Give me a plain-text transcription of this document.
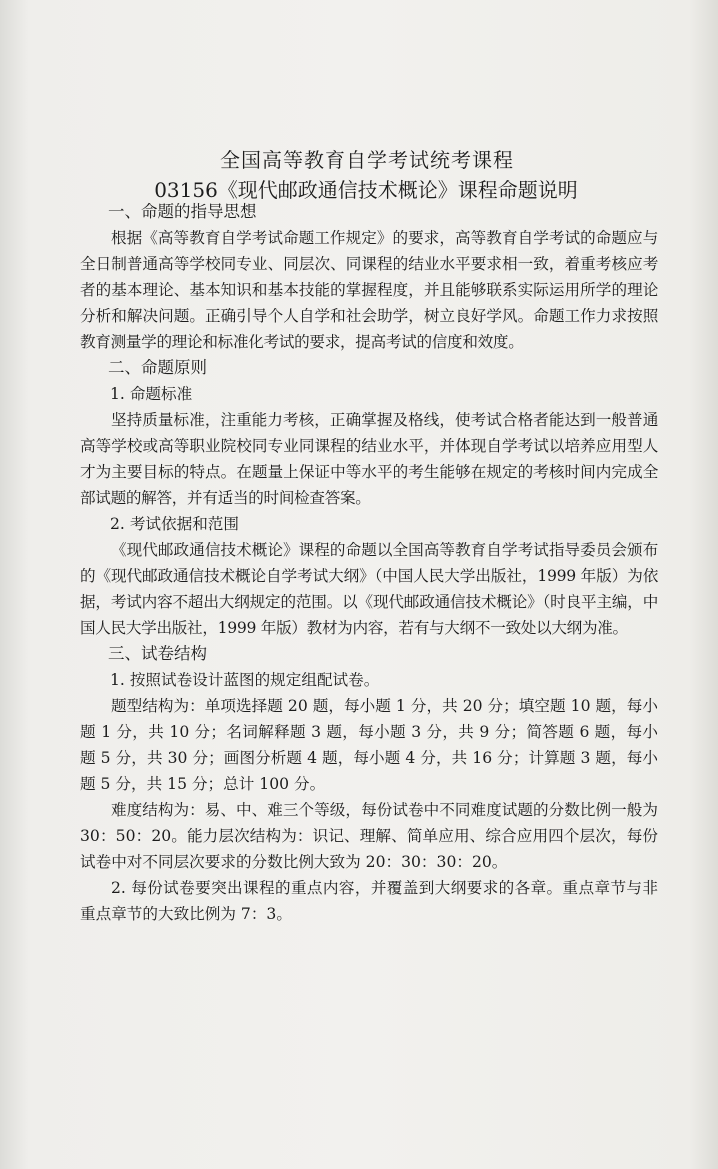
全国高等教育自学考试统考课程
03156《现代邮政通信技术概论》课程命题说明
一、命题的指导思想

根据《高等教育自学考试命题工作规定》的要求，高等教育自学考试的命题应与全日制普通高等学校同专业、同层次、同课程的结业水平要求相一致，着重考核应考者的基本理论、基本知识和基本技能的掌握程度，并且能够联系实际运用所学的理论分析和解决问题。正确引导个人自学和社会助学，树立良好学风。命题工作力求按照教育测量学的理论和标准化考试的要求，提高考试的信度和效度。

二、命题原则
1. 命题标准

坚持质量标准，注重能力考核，正确掌握及格线，使考试合格者能达到一般普通高等学校或高等职业院校同专业同课程的结业水平，并体现自学考试以培养应用型人才为主要目标的特点。在题量上保证中等水平的考生能够在规定的考核时间内完成全部试题的解答，并有适当的时间检查答案。

2. 考试依据和范围

《现代邮政通信技术概论》课程的命题以全国高等教育自学考试指导委员会颁布的《现代邮政通信技术概论自学考试大纲》（中国人民大学出版社，1999 年版）为依据，考试内容不超出大纲规定的范围。以《现代邮政通信技术概论》（时良平主编，中国人民大学出版社，1999 年版）教材为内容，若有与大纲不一致处以大纲为准。

三、试卷结构
1. 按照试卷设计蓝图的规定组配试卷。

题型结构为：单项选择题 20 题，每小题 1 分，共 20 分；填空题 10 题，每小题 1 分，共 10 分；名词解释题 3 题，每小题 3 分，共 9 分；简答题 6 题，每小题 5 分，共 30 分；画图分析题 4 题，每小题 4 分，共 16 分；计算题 3 题，每小题 5 分，共 15 分；总计 100 分。

难度结构为：易、中、难三个等级，每份试卷中不同难度试题的分数比例一般为 30：50：20。能力层次结构为：识记、理解、简单应用、综合应用四个层次，每份试卷中对不同层次要求的分数比例大致为 20：30：30：20。

2. 每份试卷要突出课程的重点内容，并覆盖到大纲要求的各章。重点章节与非重点章节的大致比例为 7：3。
